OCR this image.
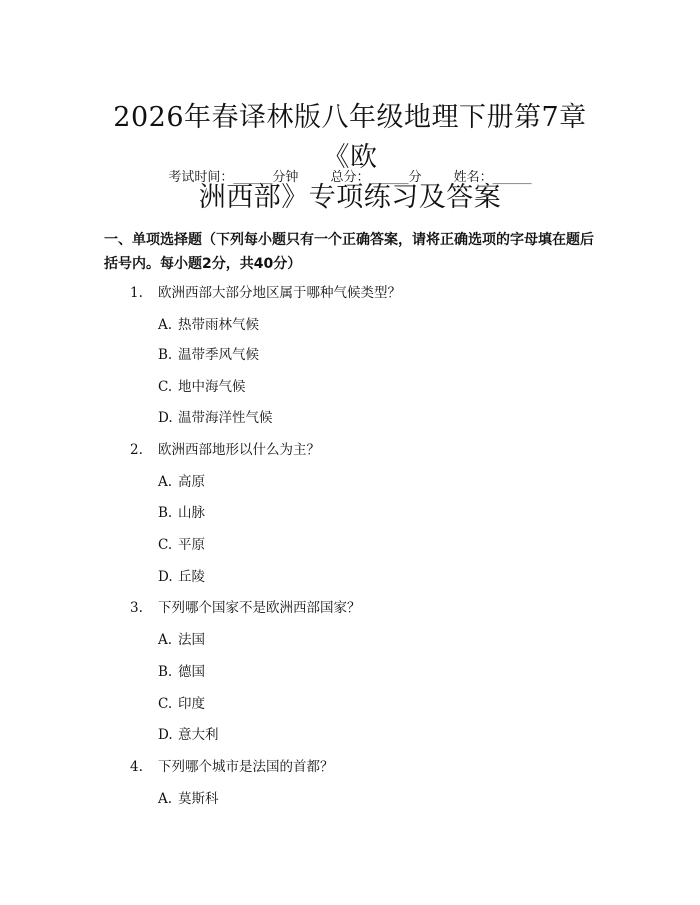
2026年春译林版八年级地理下册第7章《欧
洲西部》专项练习及答案
考试时间：______分钟 总分：______分 姓名：______
一、单项选择题（下列每小题只有一个正确答案，请将正确选项的字母填在题后括号内。每小题2分，共40分）
1. 欧洲西部大部分地区属于哪种气候类型？
A. 热带雨林气候
B. 温带季风气候
C. 地中海气候
D. 温带海洋性气候
2. 欧洲西部地形以什么为主？
A. 高原
B. 山脉
C. 平原
D. 丘陵
3. 下列哪个国家不是欧洲西部国家？
A. 法国
B. 德国
C. 印度
D. 意大利
4. 下列哪个城市是法国的首都？
A. 莫斯科
